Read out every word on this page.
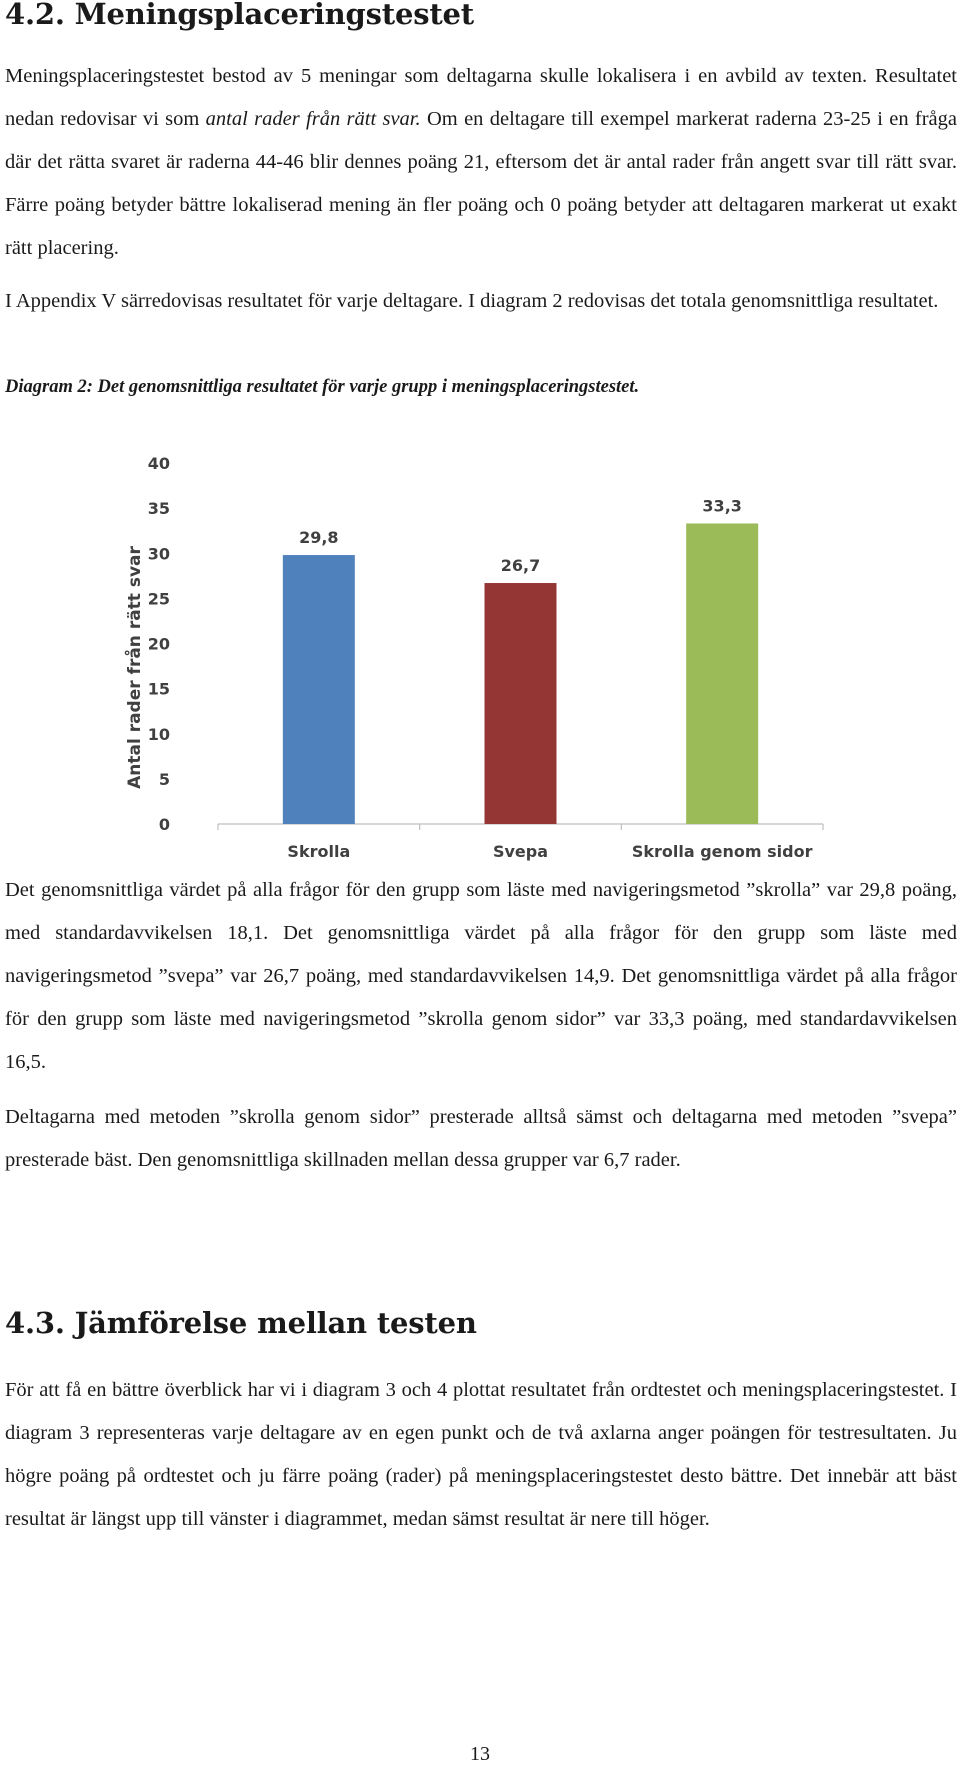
4.2. Meningsplaceringstestet

Meningsplaceringstestet bestod av 5 meningar som deltagarna skulle lokalisera i en avbild av texten. Resultatet nedan redovisar vi som antal rader från rätt svar. Om en deltagare till exempel markerat raderna 23-25 i en fråga där det rätta svaret är raderna 44-46 blir dennes poäng 21, eftersom det är antal rader från angett svar till rätt svar. Färre poäng betyder bättre lokaliserad mening än fler poäng och 0 poäng betyder att deltagaren markerat ut exakt rätt placering.

I Appendix V särredovisas resultatet för varje deltagare. I diagram 2 redovisas det totala genomsnittliga resultatet.

Diagram 2: Det genomsnittliga resultatet för varje grupp i meningsplaceringstestet.

0
5
10
15
20
25
30
35
40
29,8
26,7
33,3
Skrolla	Svepa	Skrolla genom sidor
Antal rader från rätt svar

Det genomsnittliga värdet på alla frågor för den grupp som läste med navigeringsmetod ”skrolla” var 29,8 poäng, med standardavvikelsen 18,1. Det genomsnittliga värdet på alla frågor för den grupp som läste med navigeringsmetod ”svepa” var 26,7 poäng, med standardavvikelsen 14,9. Det genomsnittliga värdet på alla frågor för den grupp som läste med navigeringsmetod ”skrolla genom sidor” var 33,3 poäng, med standardavvikelsen 16,5.

Deltagarna med metoden ”skrolla genom sidor” presterade alltså sämst och deltagarna med metoden ”svepa” presterade bäst. Den genomsnittliga skillnaden mellan dessa grupper var 6,7 rader.

4.3. Jämförelse mellan testen

För att få en bättre överblick har vi i diagram 3 och 4 plottat resultatet från ordtestet och meningsplaceringstestet. I diagram 3 representeras varje deltagare av en egen punkt och de två axlarna anger poängen för testresultaten. Ju högre poäng på ordtestet och ju färre poäng (rader) på meningsplaceringstestet desto bättre. Det innebär att bäst resultat är längst upp till vänster i diagrammet, medan sämst resultat är nere till höger.

13
